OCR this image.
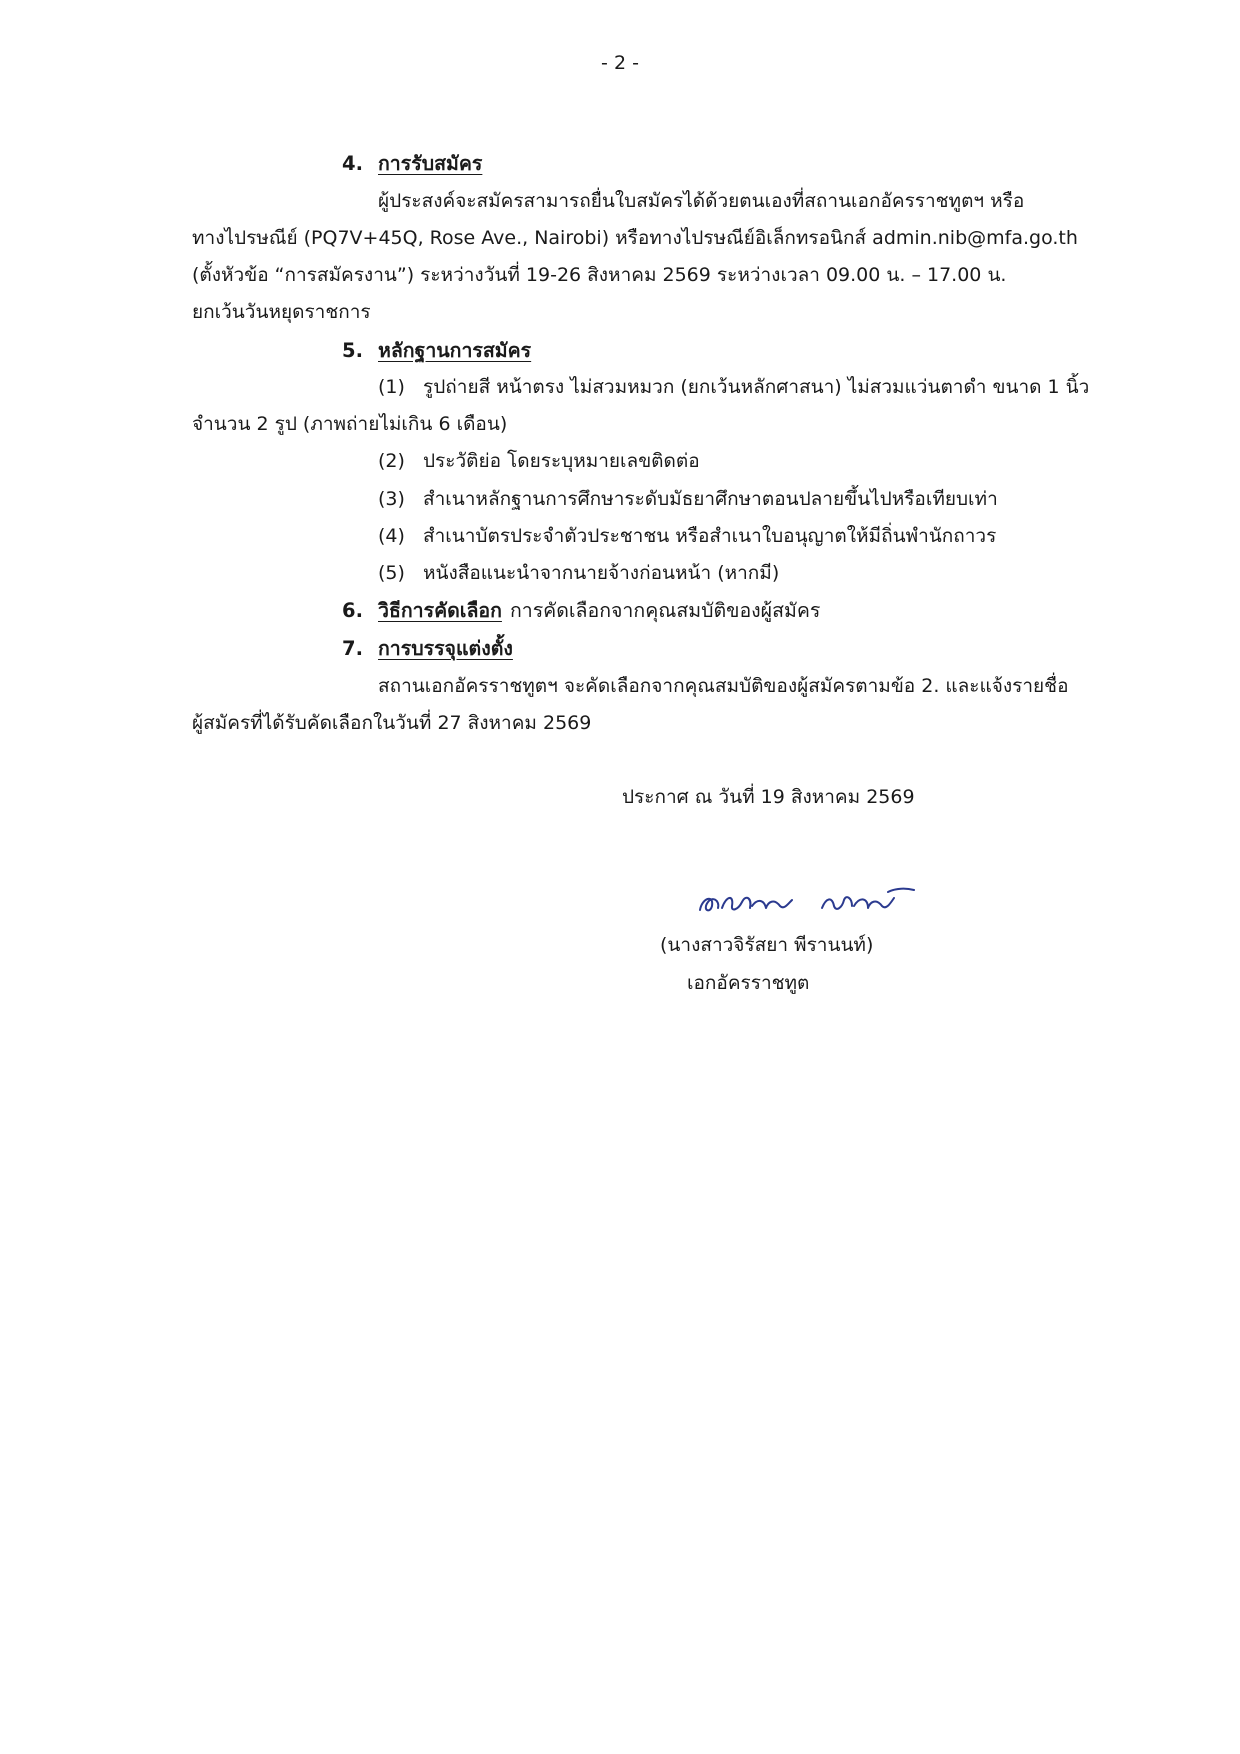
- 2 -
4. การรับสมัคร
ผู้ประสงค์จะสมัครสามารถยื่นใบสมัครได้ด้วยตนเองที่สถานเอกอัครราชทูตฯ หรือ
ทางไปรษณีย์ (PQ7V+45Q, Rose Ave., Nairobi) หรือทางไปรษณีย์อิเล็กทรอนิกส์ admin.nib@mfa.go.th
(ตั้งหัวข้อ “การสมัครงาน”) ระหว่างวันที่ 19-26 สิงหาคม 2569 ระหว่างเวลา 09.00 น. – 17.00 น.
ยกเว้นวันหยุดราชการ
5. หลักฐานการสมัคร
(1) รูปถ่ายสี หน้าตรง ไม่สวมหมวก (ยกเว้นหลักศาสนา) ไม่สวมแว่นตาดำ ขนาด 1 นิ้ว
จำนวน 2 รูป (ภาพถ่ายไม่เกิน 6 เดือน)
(2) ประวัติย่อ โดยระบุหมายเลขติดต่อ
(3) สำเนาหลักฐานการศึกษาระดับมัธยาศึกษาตอนปลายขึ้นไปหรือเทียบเท่า
(4) สำเนาบัตรประจำตัวประชาชน หรือสำเนาใบอนุญาตให้มีถิ่นพำนักถาวร
(5) หนังสือแนะนำจากนายจ้างก่อนหน้า (หากมี)
6. วิธีการคัดเลือก การคัดเลือกจากคุณสมบัติของผู้สมัคร
7. การบรรจุแต่งตั้ง
สถานเอกอัครราชทูตฯ จะคัดเลือกจากคุณสมบัติของผู้สมัครตามข้อ 2. และแจ้งรายชื่อ
ผู้สมัครที่ได้รับคัดเลือกในวันที่ 27 สิงหาคม 2569
ประกาศ ณ วันที่ 19 สิงหาคม 2569
(นางสาวจิรัสยา พีรานนท์)
เอกอัครราชทูต
